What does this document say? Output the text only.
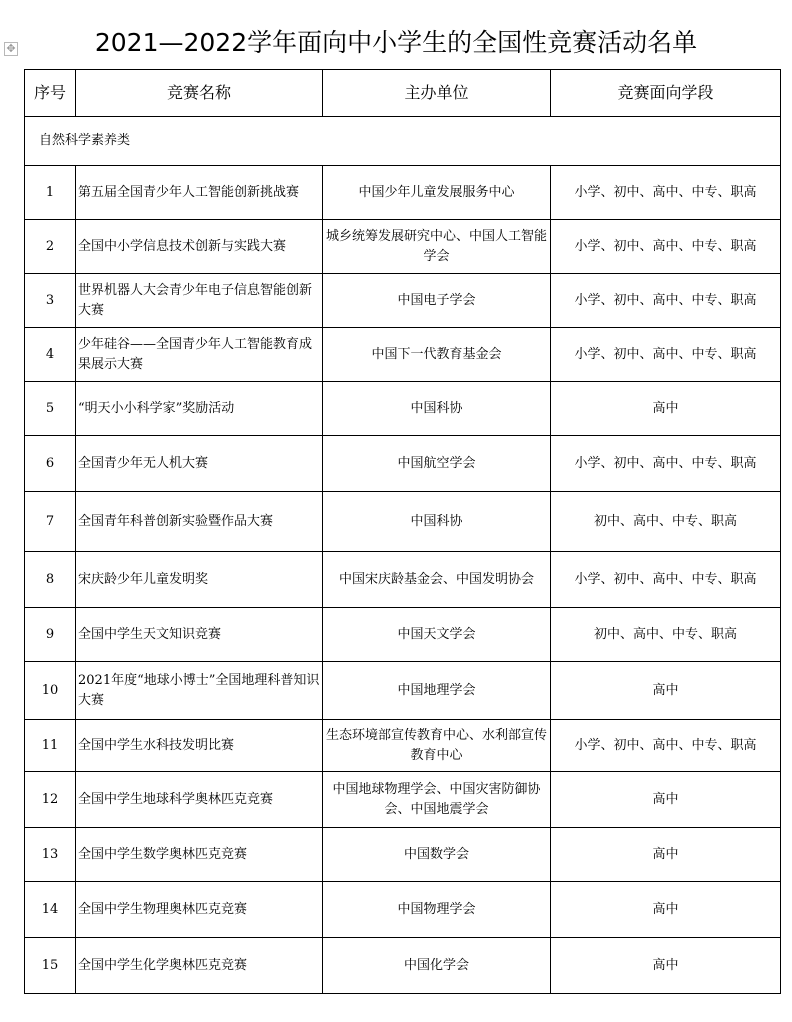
✥	2021—2022学年面向中小学生的全国性竞赛活动名单
序号	竞赛名称	主办单位	竞赛面向学段
自然科学素养类			
1	第五届全国青少年人工智能创新挑战赛	中国少年儿童发展服务中心	小学、初中、高中、中专、职高
2	全国中小学信息技术创新与实践大赛	城乡统筹发展研究中心、中国人工智能学会	小学、初中、高中、中专、职高
3	世界机器人大会青少年电子信息智能创新大赛	中国电子学会	小学、初中、高中、中专、职高
4	少年硅谷——全国青少年人工智能教育成果展示大赛	中国下一代教育基金会	小学、初中、高中、中专、职高
5	“明天小小科学家”奖励活动	中国科协	高中
6	全国青少年无人机大赛	中国航空学会	小学、初中、高中、中专、职高
7	全国青年科普创新实验暨作品大赛	中国科协	初中、高中、中专、职高
8	宋庆龄少年儿童发明奖	中国宋庆龄基金会、中国发明协会	小学、初中、高中、中专、职高
9	全国中学生天文知识竞赛	中国天文学会	初中、高中、中专、职高
10	2021年度“地球小博士”全国地理科普知识大赛	中国地理学会	高中
11	全国中学生水科技发明比赛	生态环境部宣传教育中心、水利部宣传教育中心	小学、初中、高中、中专、职高
12	全国中学生地球科学奥林匹克竞赛	中国地球物理学会、中国灾害防御协会、中国地震学会	高中
13	全国中学生数学奥林匹克竞赛	中国数学会	高中
14	全国中学生物理奥林匹克竞赛	中国物理学会	高中
15	全国中学生化学奥林匹克竞赛	中国化学会	高中
